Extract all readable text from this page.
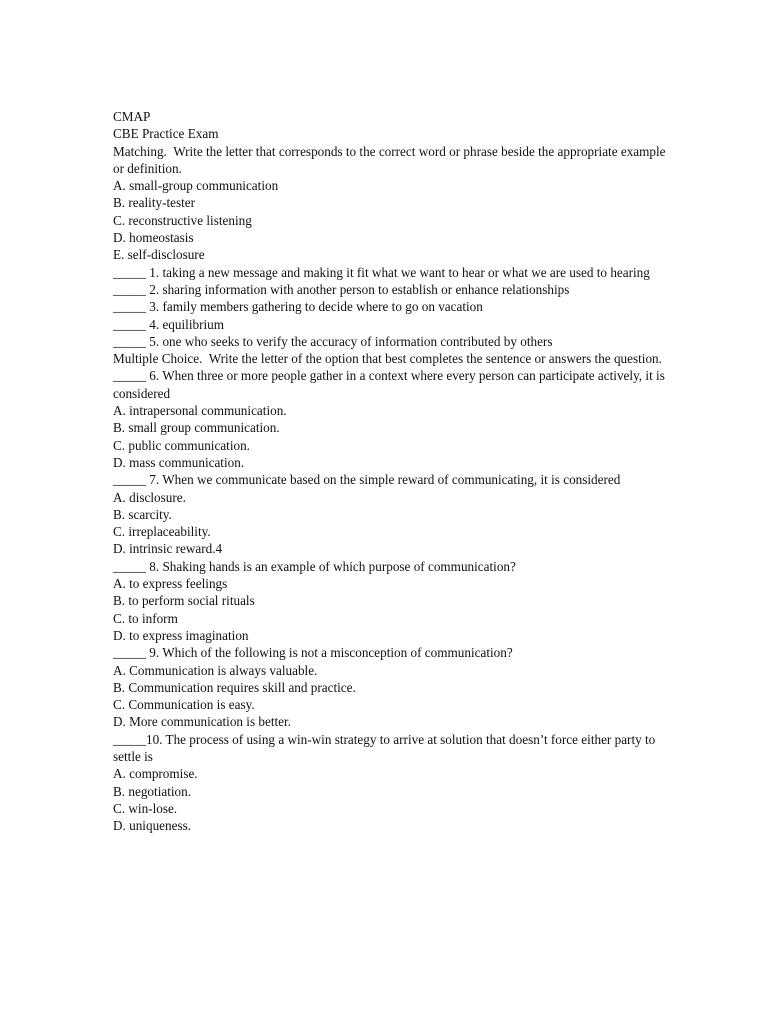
CMAP
CBE Practice Exam
Matching.  Write the letter that corresponds to the correct word or phrase beside the appropriate example or definition.
A. small-group communication
B. reality-tester
C. reconstructive listening
D. homeostasis
E. self-disclosure
_____ 1. taking a new message and making it fit what we want to hear or what we are used to hearing
_____ 2. sharing information with another person to establish or enhance relationships
_____ 3. family members gathering to decide where to go on vacation
_____ 4. equilibrium
_____ 5. one who seeks to verify the accuracy of information contributed by others
Multiple Choice.  Write the letter of the option that best completes the sentence or answers the question.
_____ 6. When three or more people gather in a context where every person can participate actively, it is considered
A. intrapersonal communication.
B. small group communication.
C. public communication.
D. mass communication.
_____ 7. When we communicate based on the simple reward of communicating, it is considered
A. disclosure.
B. scarcity.
C. irreplaceability.
D. intrinsic reward.4
_____ 8. Shaking hands is an example of which purpose of communication?
A. to express feelings
B. to perform social rituals
C. to inform
D. to express imagination
_____ 9. Which of the following is not a misconception of communication?
A. Communication is always valuable.
B. Communication requires skill and practice.
C. Communication is easy.
D. More communication is better.
_____10. The process of using a win-win strategy to arrive at solution that doesn’t force either party to settle is
A. compromise.
B. negotiation.
C. win-lose.
D. uniqueness.
